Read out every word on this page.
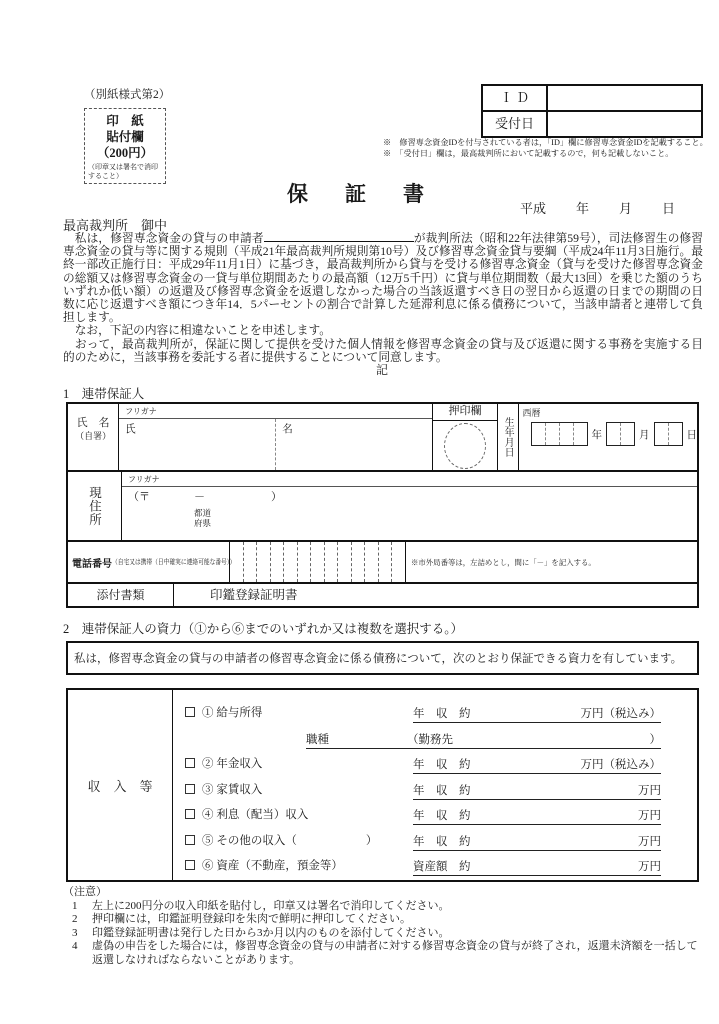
（別紙様式第2）
印　紙
貼付欄
（200円）
（印章又は署名で消印すること）
Ｉ Ｄ
受付日
※　修習専念資金IDを付与されている者は，「ID」欄に修習専念資金IDを記載すること。
※　「受付日」欄は，最高裁判所において記載するので，何も記載しないこと。
保　証　書
平成 年 月 日
最高裁判所　御中

　私は，修習専念資金の貸与の申請者	が裁判所法（昭和22年法律第59号），司法修習生の修習専念資金の貸与等に関する規則（平成21年最高裁判所規則第10号）及び修習専念資金貸与要綱（平成24年11月3日施行。最終一部改正施行日：平成29年11月1日）に基づき，最高裁判所から貸与を受ける修習専念資金（貸与を受けた修習専念資金の総額又は修習専念資金の一貸与単位期間あたりの最高額（12万5千円）に貸与単位期間数（最大13回）を乗じた額のうちいずれか低い額）の返還及び修習専念資金を返還しなかった場合の当該返還すべき日の翌日から返還の日までの期間の日数に応じ返還すべき額につき年14．5パーセントの割合で計算した延滞利息に係る債務について，当該申請者と連帯して負担します。

　なお，下記の内容に相違ないことを申述します。

　おって，最高裁判所が，保証に関して提供を受けた個人情報を修習専念資金の貸与及び返還に関する事務を実施する目的のために，当該事務を委託する者に提供することについて同意します。

記

1　連帯保証人
氏　名
（自署）
フリガナ
氏	名
押印欄
生年月日
西暦
年	月	日
現住所
フリガナ
（〒　　　　－　　　　　　）
都道
府県
電話番号 （自宅又は携帯（日中確実に連絡可能な番号））	※市外局番等は，左詰めとし，間に「－」を記入する。
添付書類	印鑑登録証明書
2　連帯保証人の資力（①から⑥までのいずれか又は複数を選択する。）
私は，修習専念資金の貸与の申請者の修習専念資金に係る債務について，次のとおり保証できる資力を有しています。
収　入　等
① 給与所得	年　収　約	万円（税込み）
職種	（勤務先	）
② 年金収入	年　収　約	万円（税込み）
③ 家賃収入	年　収　約	万円
④ 利息（配当）収入	年　収　約	万円
⑤ その他の収入（　　　　　　）	年　収　約	万円
⑥ 資産（不動産，預金等）	資産額　約	万円
（注意）
1 左上に200円分の収入印紙を貼付し，印章又は署名で消印してください。
2 押印欄には，印鑑証明登録印を朱肉で鮮明に押印してください。
3 印鑑登録証明書は発行した日から3か月以内のものを添付してください。
4 虚偽の申告をした場合には，修習専念資金の貸与の申請者に対する修習専念資金の貸与が終了され，返還未済額を一括して返還しなければならないことがあります。
